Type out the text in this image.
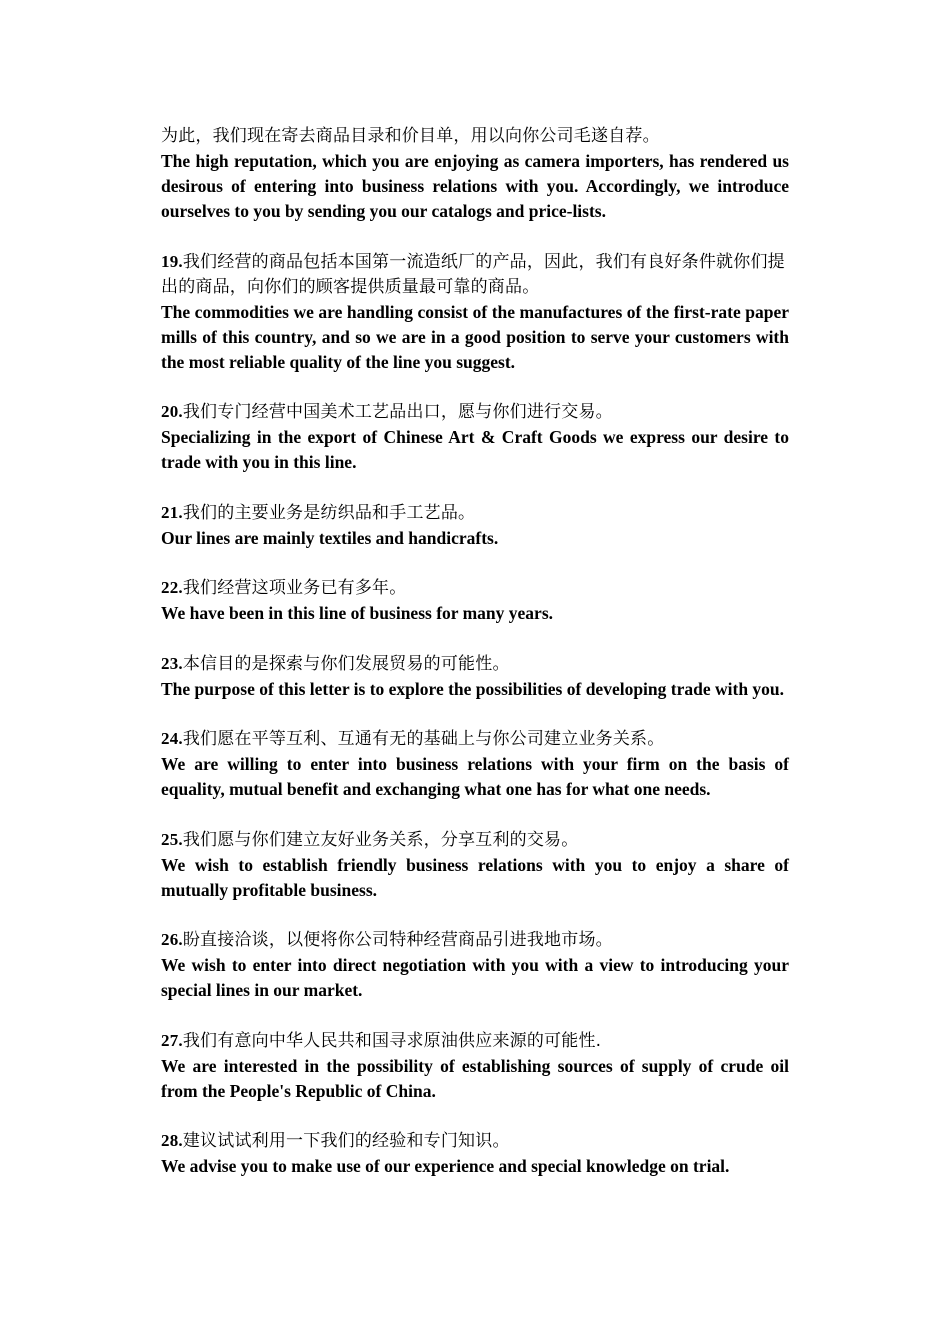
为此，我们现在寄去商品目录和价目单，用以向你公司毛遂自荐。
The high reputation, which you are enjoying as camera importers, has rendered us desirous of entering into business relations with you. Accordingly, we introduce ourselves to you by sending you our catalogs and price-lists.
19.我们经营的商品包括本国第一流造纸厂的产品，因此，我们有良好条件就你们提出的商品，向你们的顾客提供质量最可靠的商品。
The commodities we are handling consist of the manufactures of the first-rate paper mills of this country, and so we are in a good position to serve your customers with the most reliable quality of the line you suggest.
20.我们专门经营中国美术工艺品出口，愿与你们进行交易。
Specializing in the export of Chinese Art & Craft Goods we express our desire to trade with you in this line.
21.我们的主要业务是纺织品和手工艺品。
Our lines are mainly textiles and handicrafts.
22.我们经营这项业务已有多年。
We have been in this line of business for many years.
23.本信目的是探索与你们发展贸易的可能性。
The purpose of this letter is to explore the possibilities of developing trade with you.
24.我们愿在平等互利、互通有无的基础上与你公司建立业务关系。
We are willing to enter into business relations with your firm on the basis of equality, mutual benefit and exchanging what one has for what one needs.
25.我们愿与你们建立友好业务关系，分享互利的交易。
We wish to establish friendly business relations with you to enjoy a share of mutually profitable business.
26.盼直接洽谈，以便将你公司特种经营商品引进我地市场。
We wish to enter into direct negotiation with you with a view to introducing your special lines in our market.
27.我们有意向中华人民共和国寻求原油供应来源的可能性.
We are interested in the possibility of establishing sources of supply of crude oil from the People's Republic of China.
28.建议试试利用一下我们的经验和专门知识。
We advise you to make use of our experience and special knowledge on trial.
